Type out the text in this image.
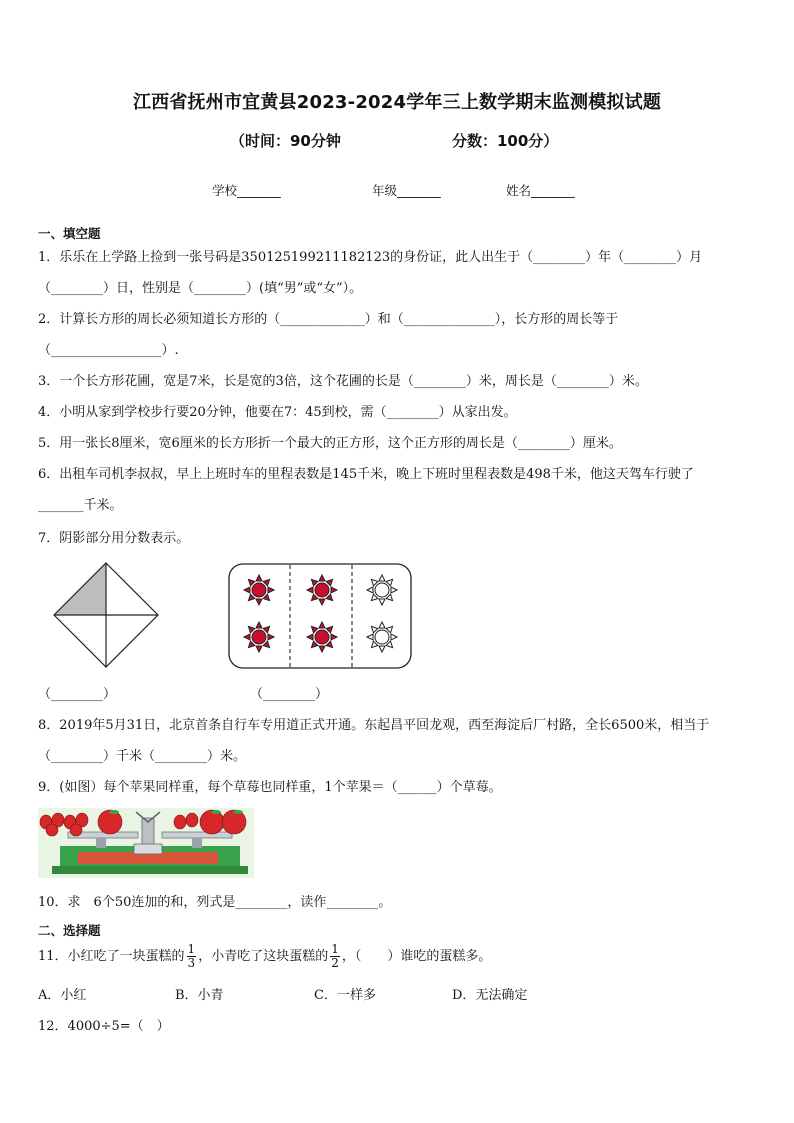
江西省抚州市宜黄县2023-2024学年三上数学期末监测模拟试题
（时间：90分钟	分数：100分）
学校_______	年级_______	姓名_______
一、填空题
1．乐乐在上学路上捡到一张号码是350125199211182123的身份证，此人出生于（________）年（________）月
（________）日，性别是（________）(填“男”或“女”）。
2．计算长方形的周长必须知道长方形的（_____________）和（______________），长方形的周长等于
（_________________）.
3．一个长方形花圃，宽是7米，长是宽的3倍，这个花圃的长是（________）米，周长是（________）米。
4．小明从家到学校步行要20分钟，他要在7：45到校，需（________）从家出发。
5．用一张长8厘米，宽6厘米的长方形折一个最大的正方形，这个正方形的周长是（________）厘米。
6．出租车司机李叔叔，早上上班时车的里程表数是145千米，晚上下班时里程表数是498千米，他这天驾车行驶了
_______千米。
7．阴影部分用分数表示。
（________）	（________）
8．2019年5月31日，北京首条自行车专用道正式开通。东起昌平回龙观，西至海淀后厂村路，全长6500米，相当于
（________）千米（________）米。
9．(如图）每个苹果同样重，每个草莓也同样重，1个苹果＝（______）个草莓。
10．求　6个50连加的和，列式是________，读作________。
二、选择题
11．小红吃了一块蛋糕的 $\frac{1}{3}$ ，小青吃了这块蛋糕的 $\frac{1}{2}$ ，（　　）谁吃的蛋糕多。
A．小红	B．小青	C．一样多	D．无法确定
12．4000÷5=（　）
